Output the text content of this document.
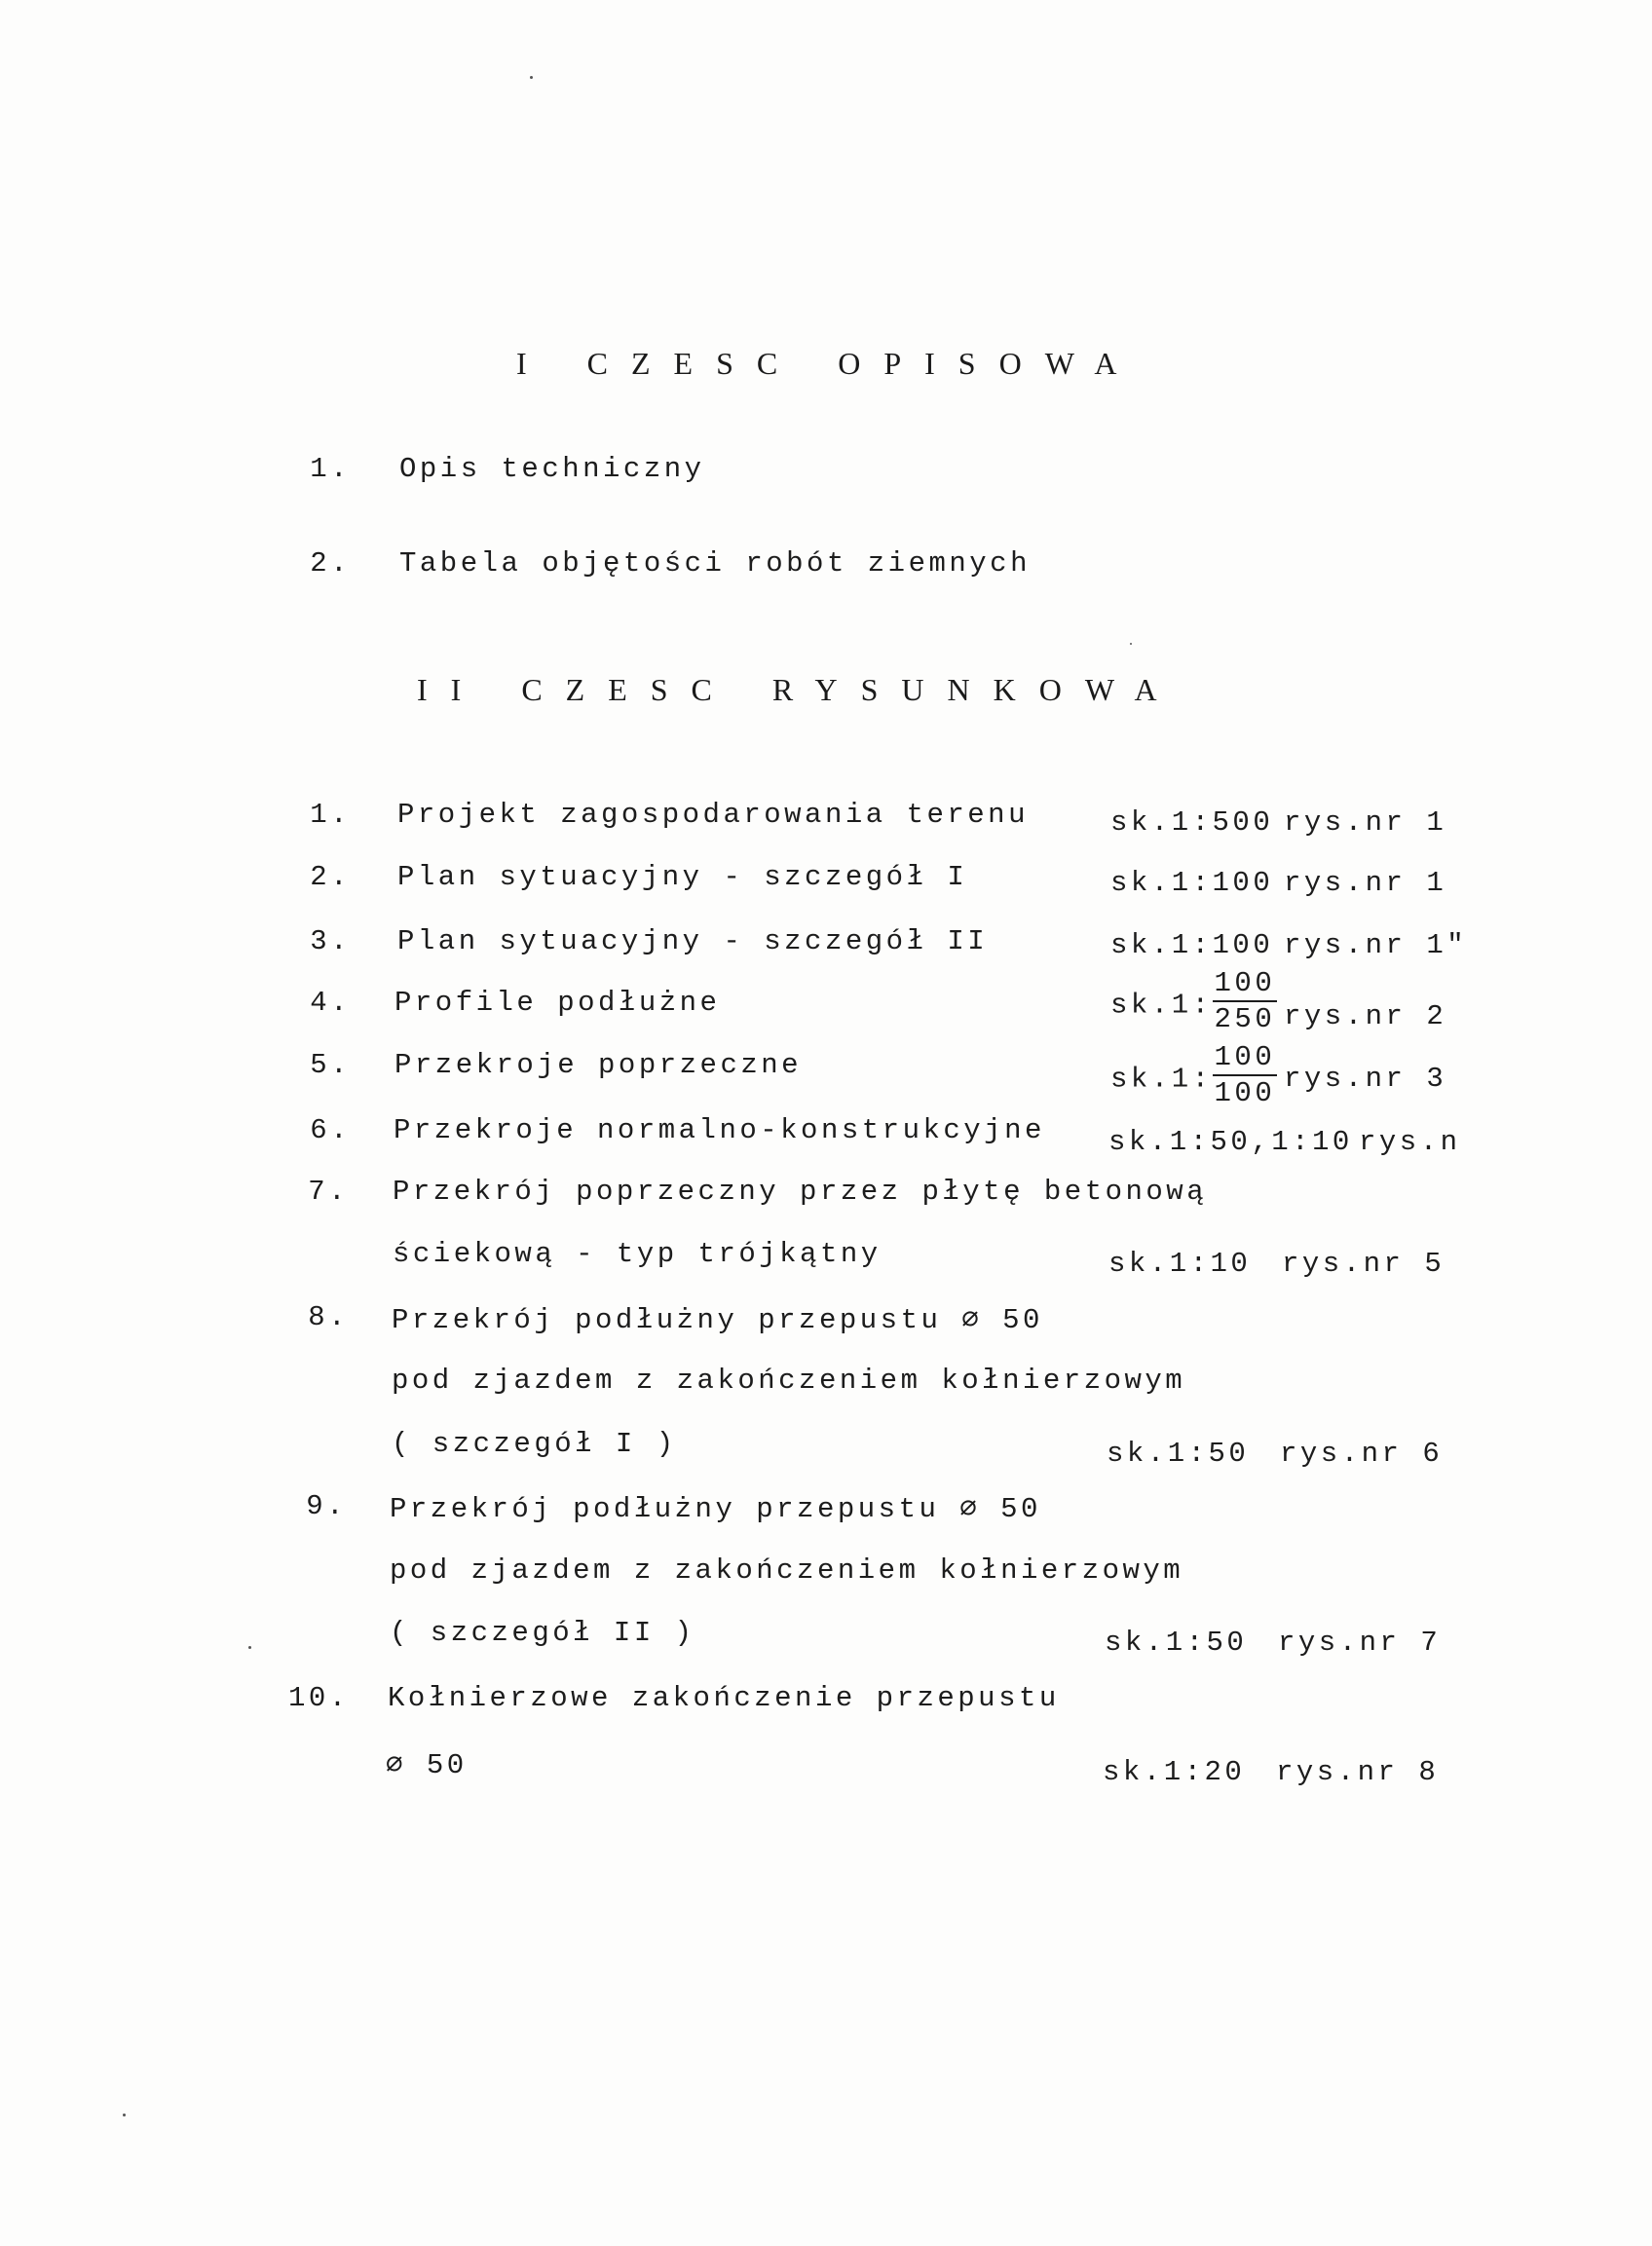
I CZESC OPISOWA
1. Opis techniczny
2. Tabela objętości robót ziemnych
II CZESC RYSUNKOWA
1. Projekt zagospodarowania terenu	sk.1:500 rys.nr 1
2. Plan sytuacyjny - szczegół I	sk.1:100 rys.nr 1
3. Plan sytuacyjny - szczegół II	sk.1:100 rys.nr 1"
4. Profile podłużne	sk.1: $\frac{100}{250} rys.nr$ 2
5. Przekroje poprzeczne	sk.1: $\frac{100}{100} rys.nr$ 3
6. Przekroje normalno-konstrukcyjne sk.1:50,1:10 rys.n
7. Przekrój poprzeczny przez płytę betonową
ściekową - typ trójkątny	sk.1:10 rys.nr 5
8. Przekrój podłużny przepustu ∅ 50
pod zjazdem z zakończeniem kołnierzowym
( szczegół I )	sk.1:50 rys.nr 6
9. Przekrój podłużny przepustu ∅ 50
pod zjazdem z zakończeniem kołnierzowym
( szczegół II )	sk.1:50 rys.nr 7
10. Kołnierzowe zakończenie przepustu
∅ 50	sk.1:20 rys.nr 8
